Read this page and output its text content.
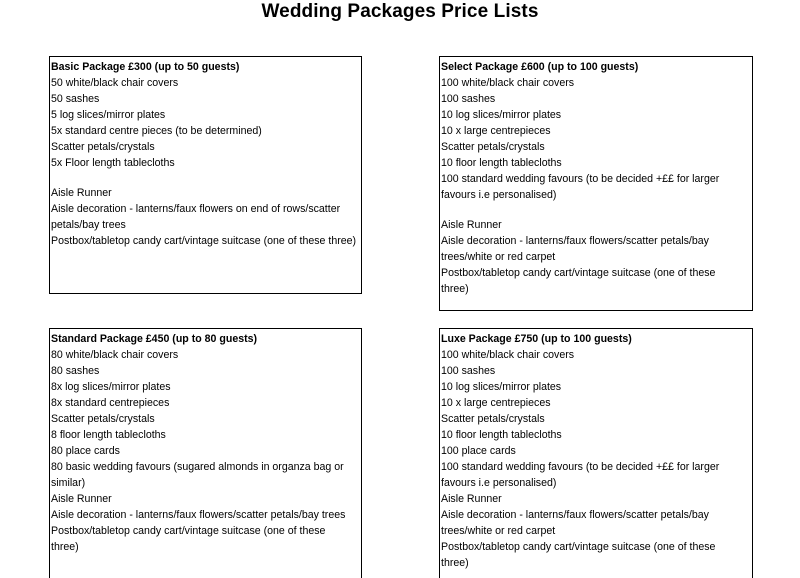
Wedding Packages Price Lists
Basic Package £300 (up to 50 guests)
50 white/black chair covers
50 sashes
5 log slices/mirror plates
5x standard centre pieces (to be determined)
Scatter petals/crystals
5x Floor length tablecloths
Aisle Runner
Aisle decoration - lanterns/faux flowers on end of rows/scatter petals/bay trees
Postbox/tabletop candy cart/vintage suitcase (one of these three)
Select Package £600 (up to 100 guests)
100 white/black chair covers
100 sashes
10 log slices/mirror plates
10 x large centrepieces
Scatter petals/crystals
10 floor length tablecloths
100 standard wedding favours (to be decided +££ for larger favours i.e personalised)
Aisle Runner
Aisle decoration - lanterns/faux flowers/scatter petals/bay trees/white or red carpet
Postbox/tabletop candy cart/vintage suitcase (one of these three)
Standard Package £450 (up to 80 guests)
80 white/black chair covers
80 sashes
8x log slices/mirror plates
8x standard centrepieces
Scatter petals/crystals
8 floor length tablecloths
80 place cards
80 basic wedding favours (sugared almonds in organza bag or similar)
Aisle Runner
Aisle decoration - lanterns/faux flowers/scatter petals/bay trees
Postbox/tabletop candy cart/vintage suitcase (one of these three)
Luxe Package £750 (up to 100 guests)
100 white/black chair covers
100 sashes
10 log slices/mirror plates
10 x large centrepieces
Scatter petals/crystals
10 floor length tablecloths
100 place cards
100 standard wedding favours (to be decided +££ for larger favours i.e personalised)
Aisle Runner
Aisle decoration - lanterns/faux flowers/scatter petals/bay trees/white or red carpet
Postbox/tabletop candy cart/vintage suitcase (one of these three)
